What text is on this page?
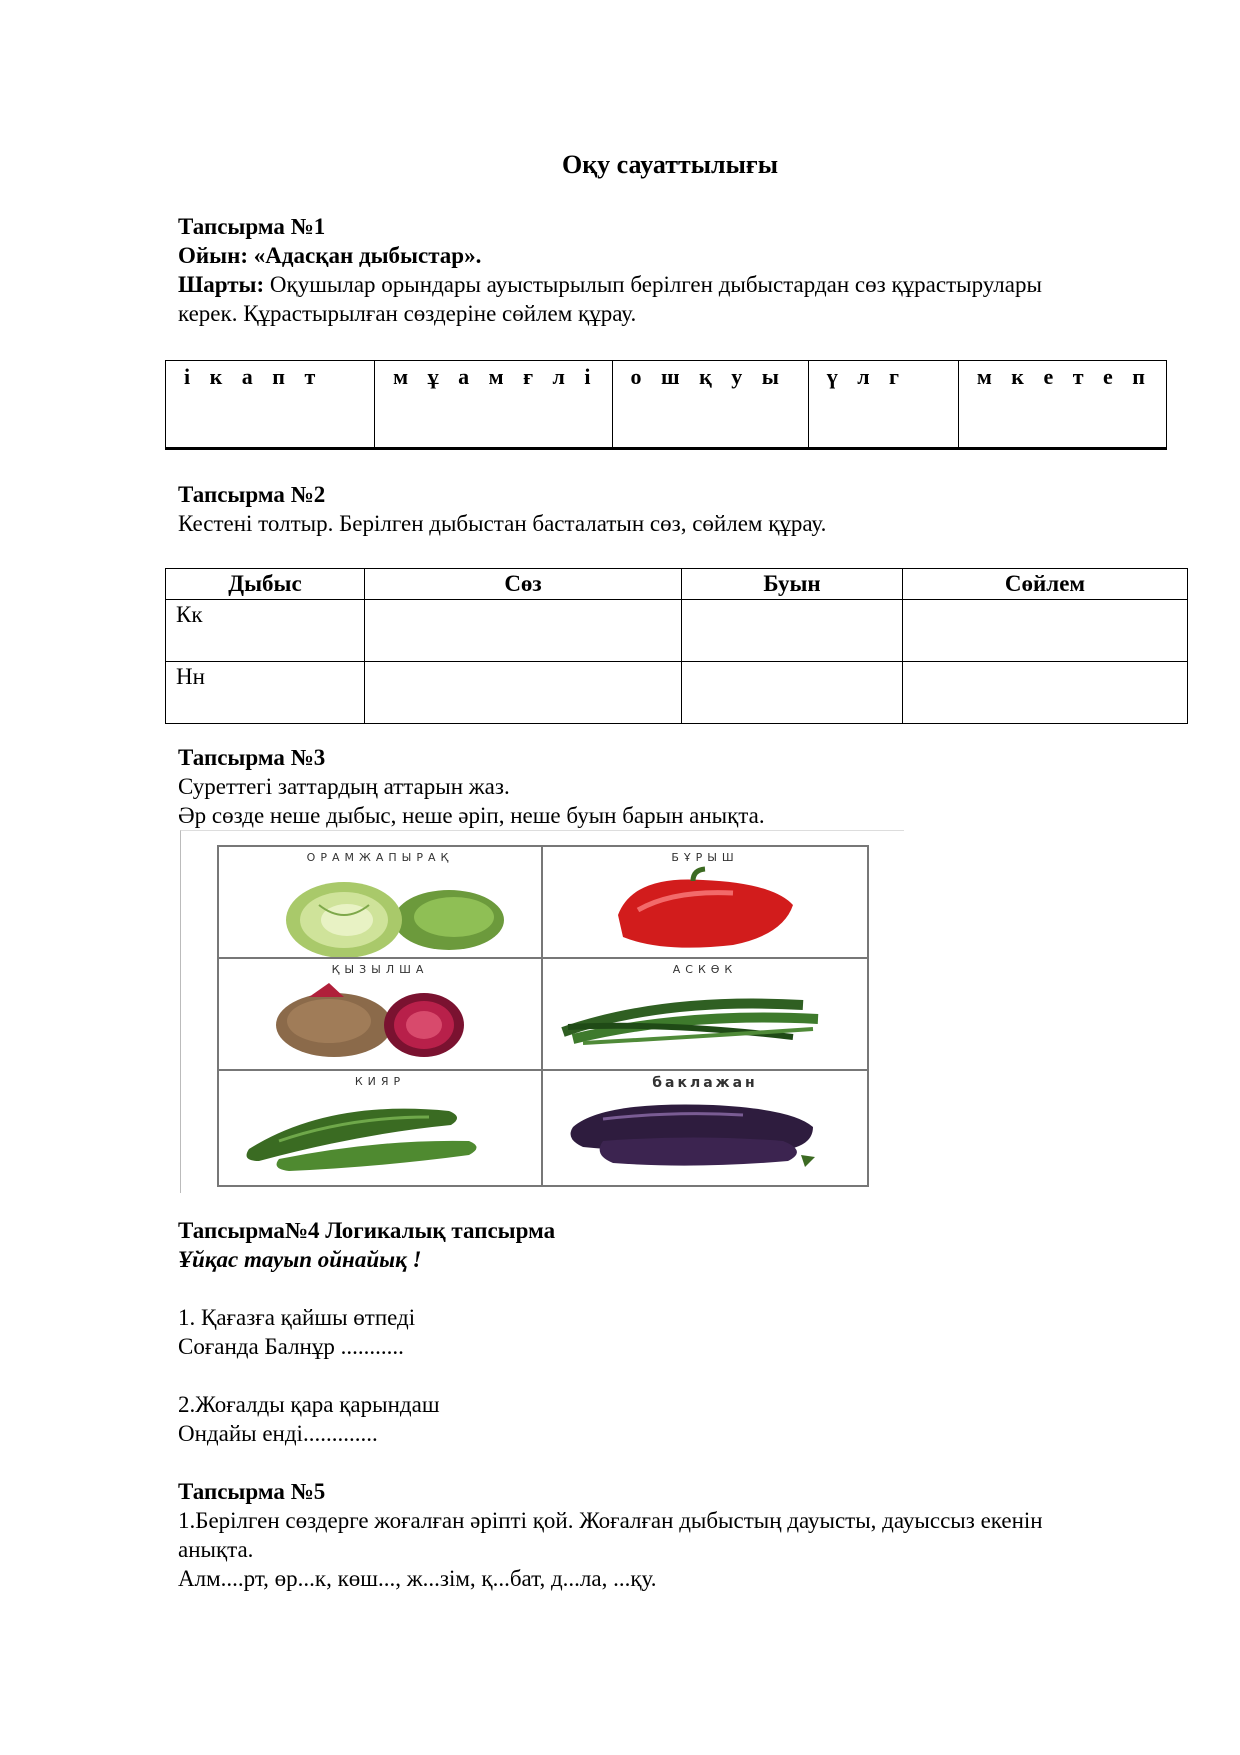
Оқу сауаттылығы
Тапсырма №1
Ойын: «Адасқан дыбыстар».
Шарты: Оқушылар орындары ауыстырылып берілген дыбыстардан сөз құрастырулары
керек. Құрастырылған сөздеріне сөйлем құрау.
і к а п т	м ұ а м ғ л і	о ш қ у ы	ү л г	м к е т е п
Тапсырма №2
Кестені толтыр. Берілген дыбыстан басталатын сөз, сөйлем құрау.
Дыбыс	Сөз	Буын	Сөйлем
Кк			
Нн			
Тапсырма №3
Суреттегі заттардың аттарын жаз.
Әр сөзде неше дыбыс, неше әріп, неше буын барын анықта.
ОРАМЖАПЫРАҚ	БҰРЫШ
ҚЫЗЫЛША	АСКӨК
КИЯР	баклажан
Тапсырма№4 Логикалық тапсырма
Ұйқас тауып ойнайық !
1. Қағазға қайшы өтпеді
Соғанда Балнұр ...........
2.Жоғалды қара қарындаш
Ондайы енді.............
Тапсырма №5
1.Берілген сөздерге жоғалған әріпті қой. Жоғалған дыбыстың дауысты, дауыссыз екенін
анықта.
Алм....рт, өр...к, көш..., ж...зім, қ...бат, д...ла, ...қу.
